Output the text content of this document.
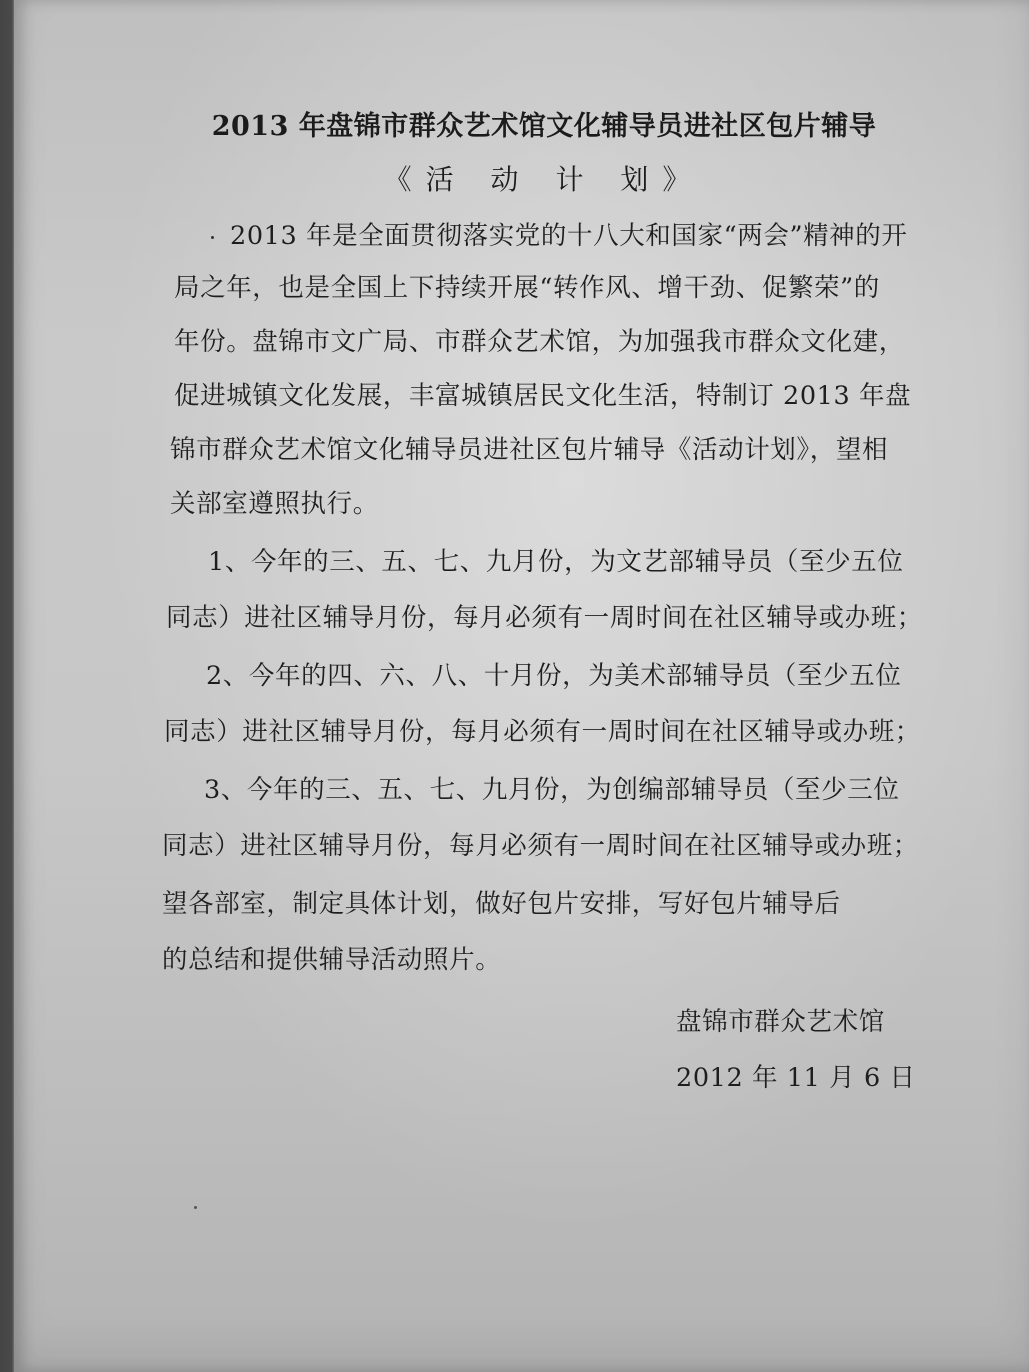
2013 年盘锦市群众艺术馆文化辅导员进社区包片辅导
《活 动 计 划》
2013 年是全面贯彻落实党的十八大和国家“两会”精神的开
局之年，也是全国上下持续开展“转作风、增干劲、促繁荣”的
年份。盘锦市文广局、市群众艺术馆，为加强我市群众文化建，
促进城镇文化发展，丰富城镇居民文化生活，特制订 2013 年盘
锦市群众艺术馆文化辅导员进社区包片辅导《活动计划》，望相
关部室遵照执行。
1、今年的三、五、七、九月份，为文艺部辅导员（至少五位
同志）进社区辅导月份，每月必须有一周时间在社区辅导或办班；
2、今年的四、六、八、十月份，为美术部辅导员（至少五位
同志）进社区辅导月份，每月必须有一周时间在社区辅导或办班；
3、今年的三、五、七、九月份，为创编部辅导员（至少三位
同志）进社区辅导月份，每月必须有一周时间在社区辅导或办班；
望各部室，制定具体计划，做好包片安排，写好包片辅导后
的总结和提供辅导活动照片。
盘锦市群众艺术馆
2012 年 11 月 6 日
